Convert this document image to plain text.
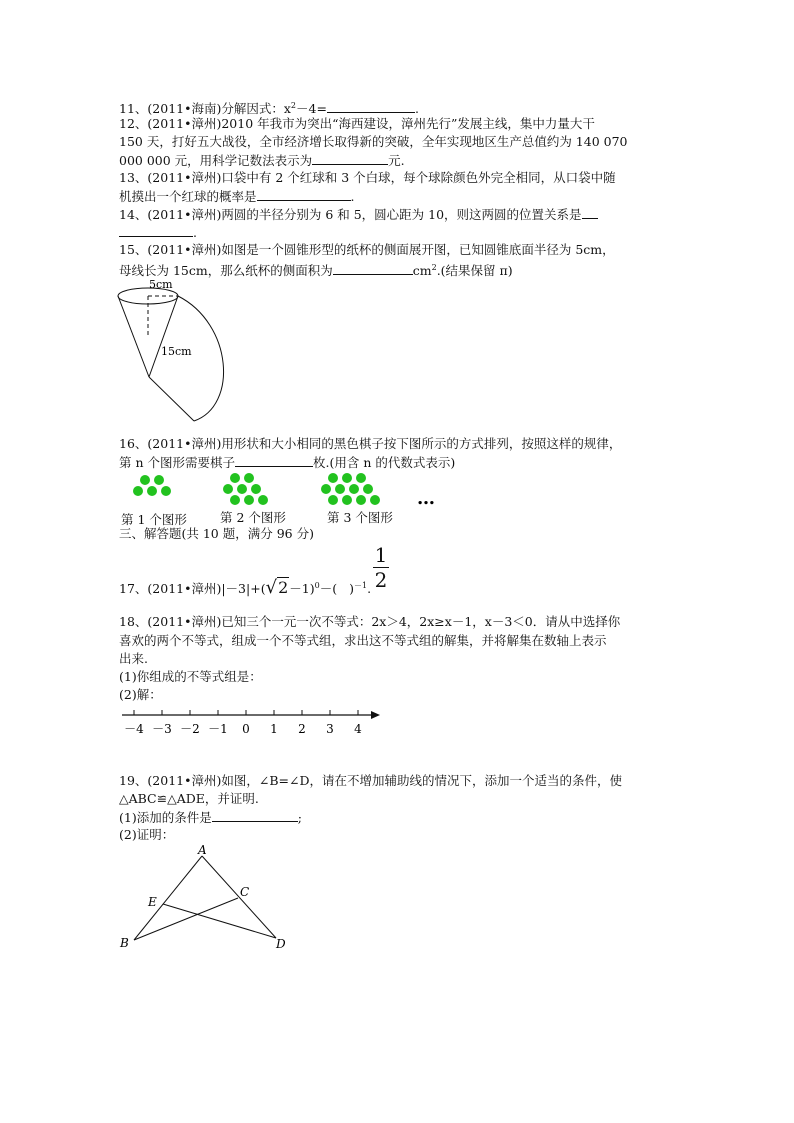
11、(2011•海南)分解因式：$x^2-4=$	.
12、(2011•漳州)2010 年我市为突出“海西建设，漳州先行”发展主线，集中力量大干
150 天，打好五大战役，全市经济增长取得新的突破，全年实现地区生产总值约为 140 070
000 000 元，用科学记数法表示为	元.
13、(2011•漳州)口袋中有 2 个红球和 3 个白球，每个球除颜色外完全相同，从口袋中随
机摸出一个红球的概率是	.
14、(2011•漳州)两圆的半径分别为 6 和 5，圆心距为 10，则这两圆的位置关系是
.
15、(2011•漳州)如图是一个圆锥形型的纸杯的侧面展开图，已知圆锥底面半径为 5cm，
母线长为 15cm，那么纸杯的侧面积为	$cm^2$.(结果保留 π)
5cm
15cm
16、(2011•漳州)用形状和大小相同的黑色棋子按下图所示的方式排列，按照这样的规律，
第 n 个图形需要棋子	枚.(用含 n 的代数式表示)
…
第 1 个图形	第 2 个图形	第 3 个图形
三、解答题(共 10 题，满分 96 分)
17、(2011•漳州)$|-3|+(√2-1)^0-$( )$^{-1}$.
1
2
18、(2011•漳州)已知三个一元一次不等式：2x＞4，2x≥x－1，x－3＜0．请从中选择你
喜欢的两个不等式，组成一个不等式组，求出这不等式组的解集，并将解集在数轴上表示
出来.
(1)你组成的不等式组是：
(2)解：
－4 －3 －2 －1 0 1 2 3 4
19、(2011•漳州)如图，∠B=∠D，请在不增加辅助线的情况下，添加一个适当的条件，使
△ABC≌△ADE，并证明.
(1)添加的条件是	;
(2)证明：
A
B
C
D
E
